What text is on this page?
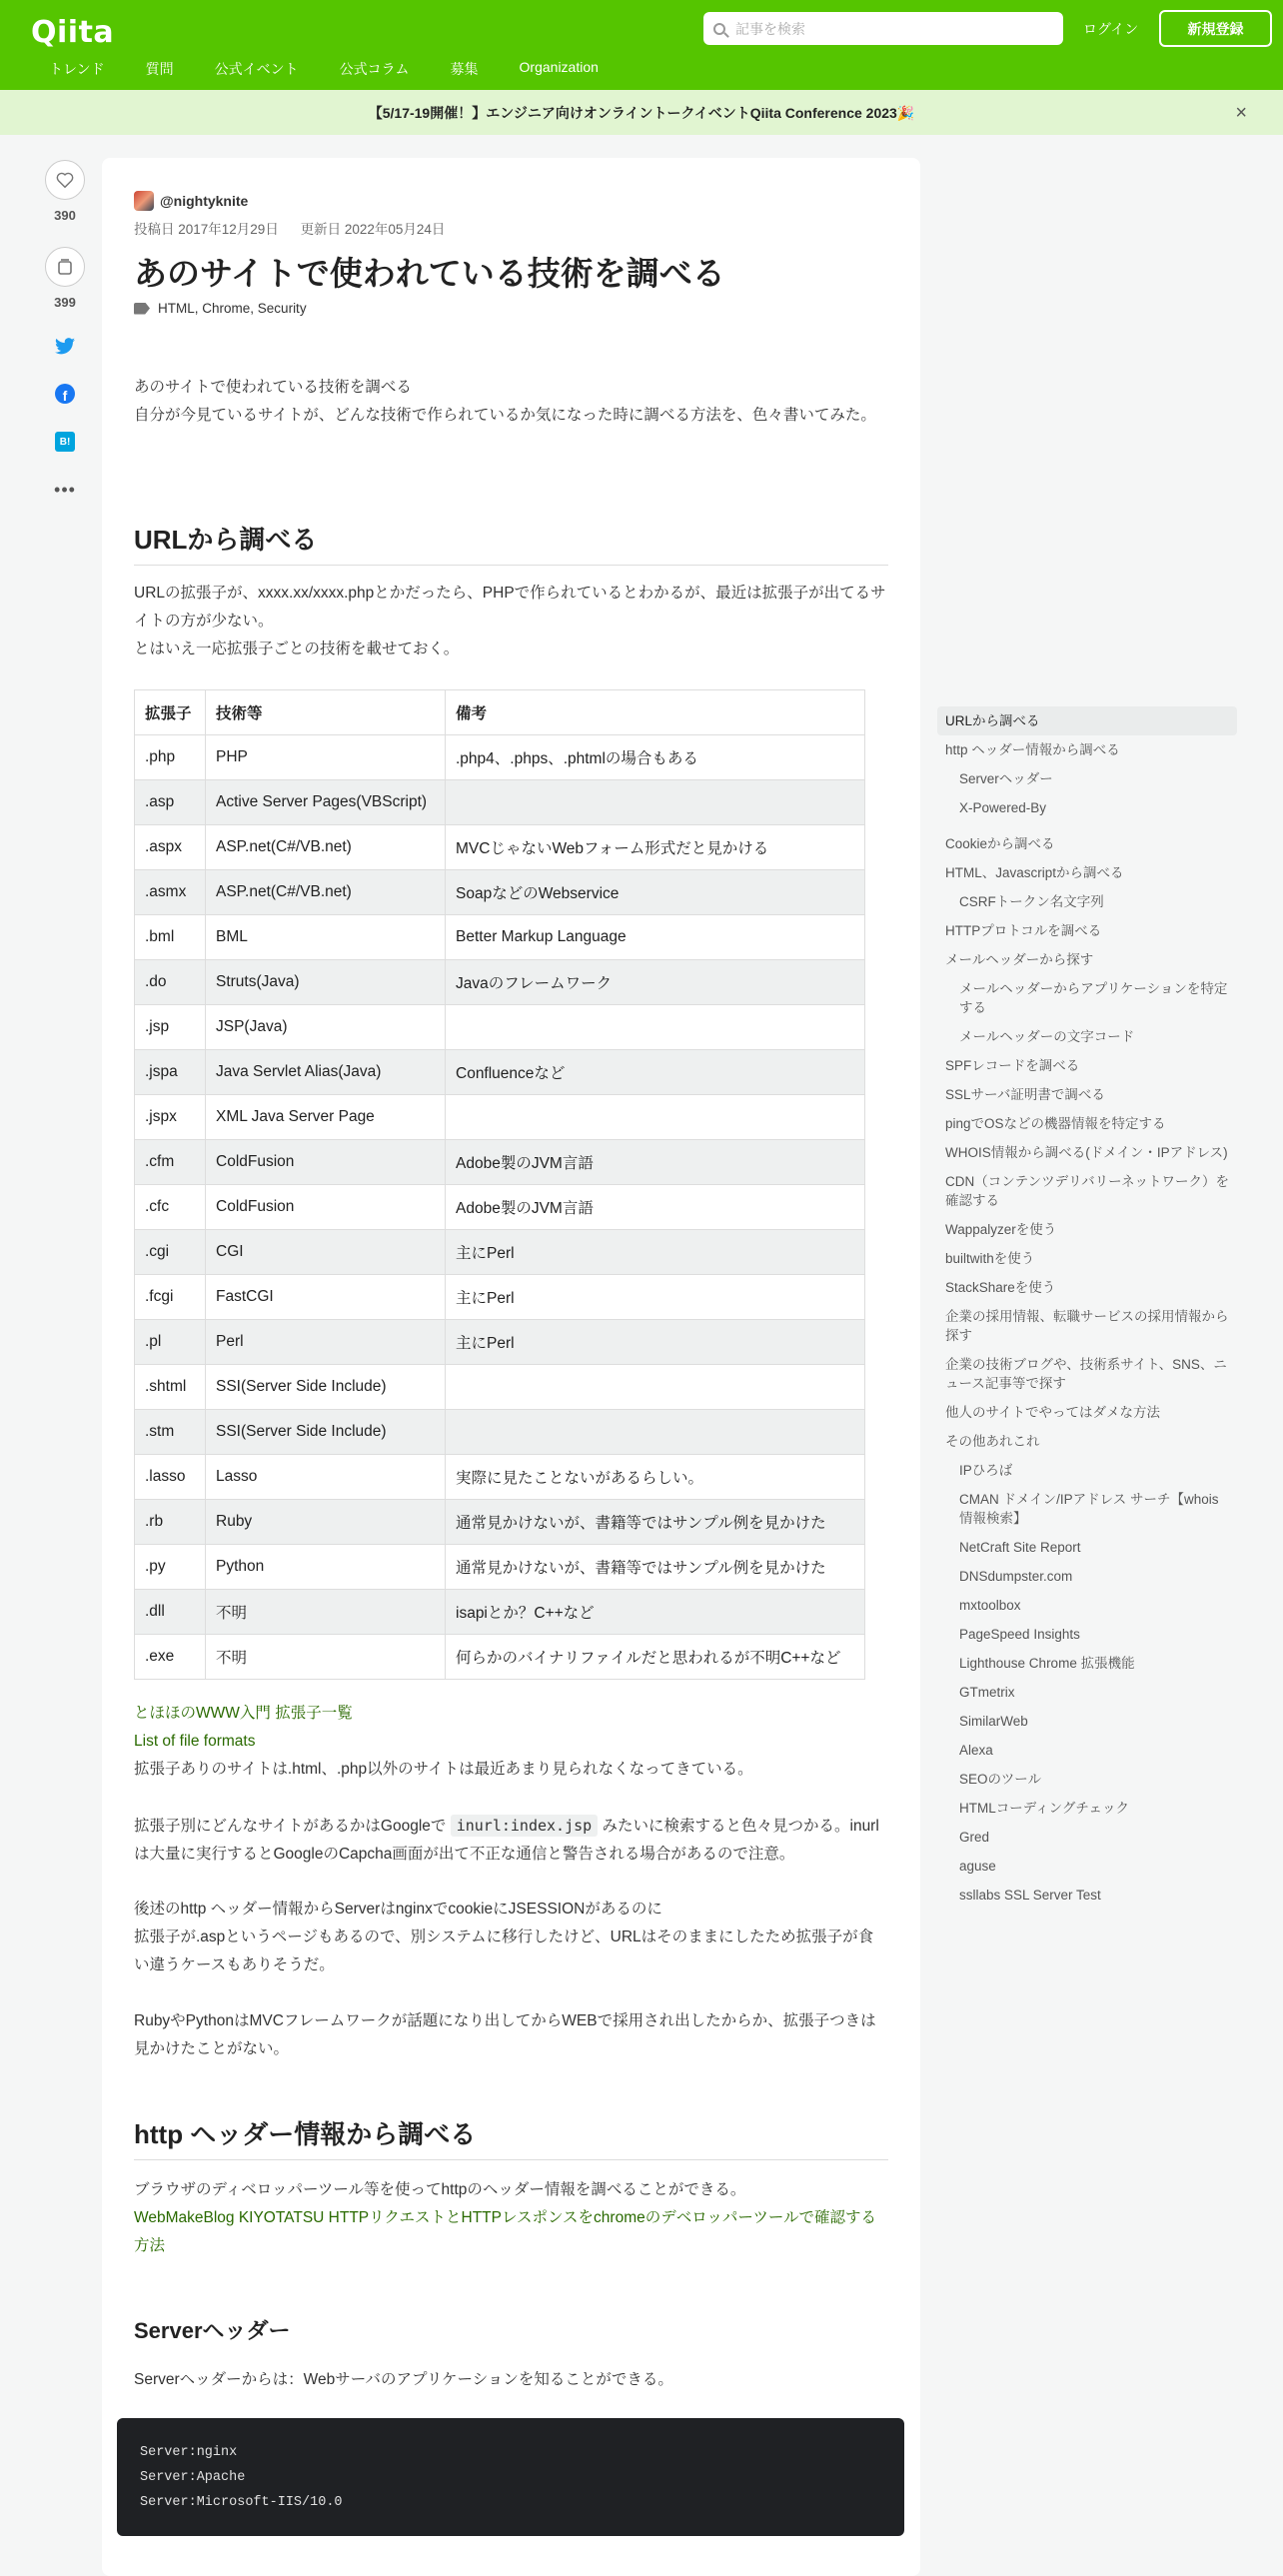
Qiita
記事を検索	ログイン	新規登録
トレンド	質問	公式イベント	公式コラム	募集	Organization
【5/17-19開催！】エンジニア向けオンライントークイベントQiita Conference 2023🎉	×
390
399
f
B!
•••
@nightyknite
投稿日 2017年12月29日 更新日 2022年05月24日
あのサイトで使われている技術を調べる
HTML , Chrome , Security
あのサイトで使われている技術を調べる
自分が今見ているサイトが、どんな技術で作られているか気になった時に調べる方法を、色々書いてみた。
URLから調べる
URLの拡張子が、xxxx.xx/xxxx.phpとかだったら、PHPで作られているとわかるが、最近は拡張子が出てるサイトの方が少ない。
とはいえ一応拡張子ごとの技術を載せておく。
拡張子	技術等	備考
.php	PHP	.php4、.phps、.phtmlの場合もある
.asp	Active Server Pages(VBScript)	
.aspx	ASP.net(C#/VB.net)	MVCじゃないWebフォーム形式だと見かける
.asmx	ASP.net(C#/VB.net)	SoapなどのWebservice
.bml	BML	Better Markup Language
.do	Struts(Java)	Javaのフレームワーク
.jsp	JSP(Java)	
.jspa	Java Servlet Alias(Java)	Confluenceなど
.jspx	XML Java Server Page	
.cfm	ColdFusion	Adobe製のJVM言語
.cfc	ColdFusion	Adobe製のJVM言語
.cgi	CGI	主にPerl
.fcgi	FastCGI	主にPerl
.pl	Perl	主にPerl
.shtml	SSI(Server Side Include)	
.stm	SSI(Server Side Include)	
.lasso	Lasso	実際に見たことないがあるらしい。
.rb	Ruby	通常見かけないが、書籍等ではサンプル例を見かけた
.py	Python	通常見かけないが、書籍等ではサンプル例を見かけた
.dll	不明	isapiとか？C++など
.exe	不明	何らかのバイナリファイルだと思われるが不明C++など
とほほのWWW入門 拡張子一覧
List of file formats
拡張子ありのサイトは.html、.php以外のサイトは最近あまり見られなくなってきている。
拡張子別にどんなサイトがあるかはGoogleで inurl:index.jsp みたいに検索すると色々見つかる。inurlは大量に実行するとGoogleのCapcha画面が出て不正な通信と警告される場合があるので注意。
後述のhttp ヘッダー情報からServerはnginxでcookieにJSESSIONがあるのに
拡張子が.aspというページもあるので、別システムに移行したけど、URLはそのままにしたため拡張子が食い違うケースもありそうだ。
RubyやPythonはMVCフレームワークが話題になり出してからWEBで採用され出したからか、拡張子つきは見かけたことがない。
http ヘッダー情報から調べる
ブラウザのディベロッパーツール等を使ってhttpのヘッダー情報を調べることができる。
WebMakeBlog KIYOTATSU HTTPリクエストとHTTPレスポンスをchromeのデベロッパーツールで確認する方法
Serverヘッダー
Serverヘッダーからは：Webサーバのアプリケーションを知ることができる。
Server:nginx
Server:Apache
Server:Microsoft-IIS/10.0
URLから調べる
http ヘッダー情報から調べる
Serverヘッダー
X-Powered-By
Cookieから調べる
HTML、Javascriptから調べる
CSRFトークン名文字列
HTTPプロトコルを調べる
メールヘッダーから探す
メールヘッダーからアプリケーションを特定する
メールヘッダーの文字コード
SPFレコードを調べる
SSLサーバ証明書で調べる
pingでOSなどの機器情報を特定する
WHOIS情報から調べる(ドメイン・IPアドレス)
CDN（コンテンツデリバリーネットワーク）を確認する
Wappalyzerを使う
builtwithを使う
StackShareを使う
企業の採用情報、転職サービスの採用情報から探す
企業の技術ブログや、技術系サイト、SNS、ニュース記事等で探す
他人のサイトでやってはダメな方法
その他あれこれ
IPひろば
CMAN ドメイン/IPアドレス サーチ【whois情報検索】
NetCraft Site Report
DNSdumpster.com
mxtoolbox
PageSpeed Insights
Lighthouse Chrome 拡張機能
GTmetrix
SimilarWeb
Alexa
SEOのツール
HTMLコーディングチェック
Gred
aguse
ssllabs SSL Server Test
